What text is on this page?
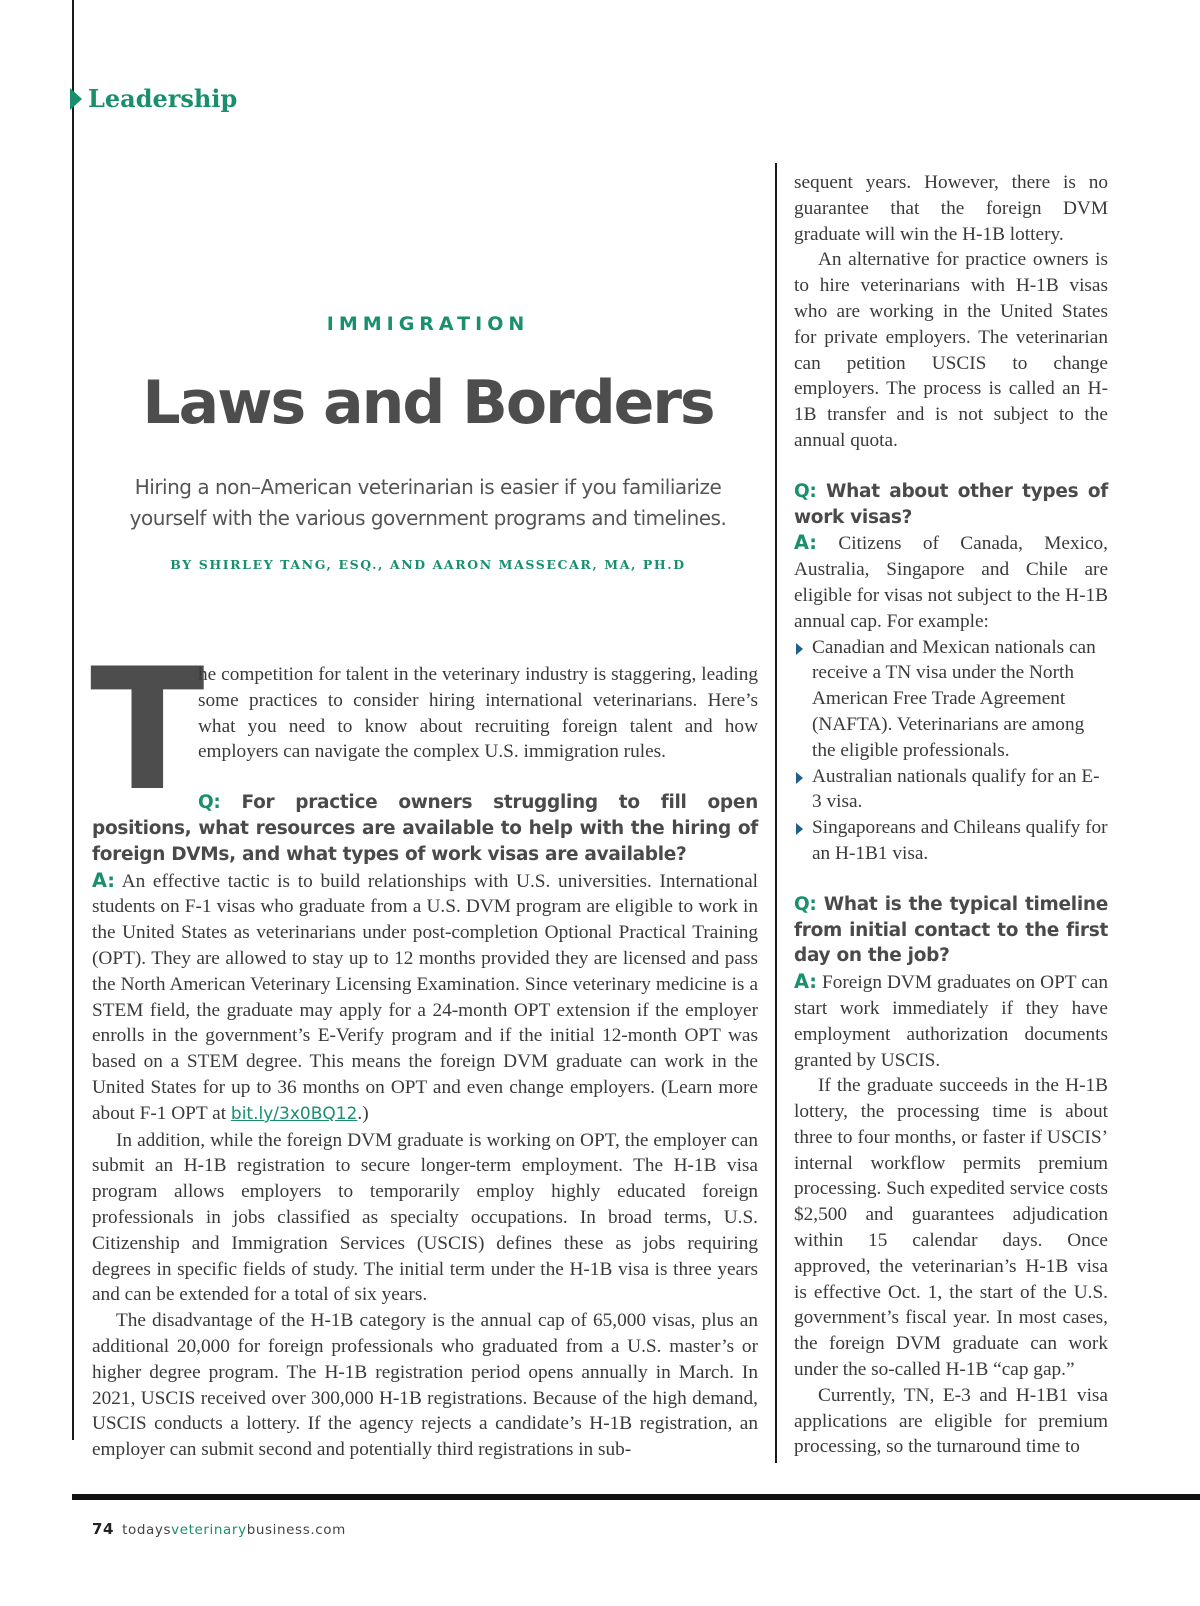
Leadership
IMMIGRATION
Laws and Borders
Hiring a non–American veterinarian is easier if you familiarize yourself with the various government programs and timelines.
BY SHIRLEY TANG, ESQ., AND AARON MASSECAR, MA, PH.D
T

he competition for talent in the veterinary industry is staggering, leading some practices to consider hiring international veterinarians. Here’s what you need to know about recruiting foreign talent and how employers can navigate the complex U.S. immigration rules.

Q: For practice owners struggling to fill open positions, what resources are available to help with the hiring of foreign DVMs, and what types of work visas are available?

A: An effective tactic is to build relationships with U.S. universities. International students on F-1 visas who graduate from a U.S. DVM program are eligible to work in the United States as veterinarians under post-completion Optional Practical Training (OPT). They are allowed to stay up to 12 months provided they are licensed and pass the North American Veterinary Licensing Examination. Since veterinary medicine is a STEM field, the graduate may apply for a 24-month OPT extension if the employer enrolls in the government’s E-Verify program and if the initial 12-month OPT was based on a STEM degree. This means the foreign DVM graduate can work in the United States for up to 36 months on OPT and even change employers. (Learn more about F-1 OPT at bit.ly/3x0BQ12.)

In addition, while the foreign DVM graduate is working on OPT, the employer can submit an H-1B registration to secure longer-term employment. The H-1B visa program allows employers to temporarily employ highly educated foreign professionals in jobs classified as specialty occupations. In broad terms, U.S. Citizenship and Immigration Services (USCIS) defines these as jobs requiring degrees in specific fields of study. The initial term under the H-1B visa is three years and can be extended for a total of six years.

The disadvantage of the H-1B category is the annual cap of 65,000 visas, plus an additional 20,000 for foreign professionals who graduated from a U.S. master’s or higher degree program. The H-1B registration period opens annually in March. In 2021, USCIS received over 300,000 H-1B registrations. Because of the high demand, USCIS conducts a lottery. If the agency rejects a candidate’s H-1B registration, an employer can submit second and potentially third registrations in sub-

sequent years. However, there is no guarantee that the foreign DVM graduate will win the H-1B lottery.

An alternative for practice owners is to hire veterinarians with H-1B visas who are working in the United States for private employers. The veterinarian can petition USCIS to change employers. The process is called an H-1B transfer and is not subject to the annual quota.

Q: What about other types of work visas?

A: Citizens of Canada, Mexico, Australia, Singapore and Chile are eligible for visas not subject to the H-1B annual cap. For example:

Canadian and Mexican nationals can receive a TN visa under the North American Free Trade Agreement (NAFTA). Veterinarians are among the eligible professionals.
Australian nationals qualify for an E-3 visa.
Singaporeans and Chileans qualify for an H-1B1 visa.

Q: What is the typical timeline from initial contact to the first day on the job?

A: Foreign DVM graduates on OPT can start work immediately if they have employment authorization documents granted by USCIS.

If the graduate succeeds in the H-1B lottery, the processing time is about three to four months, or faster if USCIS’ internal workflow permits premium processing. Such expedited service costs $2,500 and guarantees adjudication within 15 calendar days. Once approved, the veterinarian’s H-1B visa is effective Oct. 1, the start of the U.S. government’s fiscal year. In most cases, the foreign DVM graduate can work under the so-called H-1B “cap gap.”

Currently, TN, E-3 and H-1B1 visa applications are eligible for premium processing, so the turnaround time to

74 todaysveterinarybusiness.com
